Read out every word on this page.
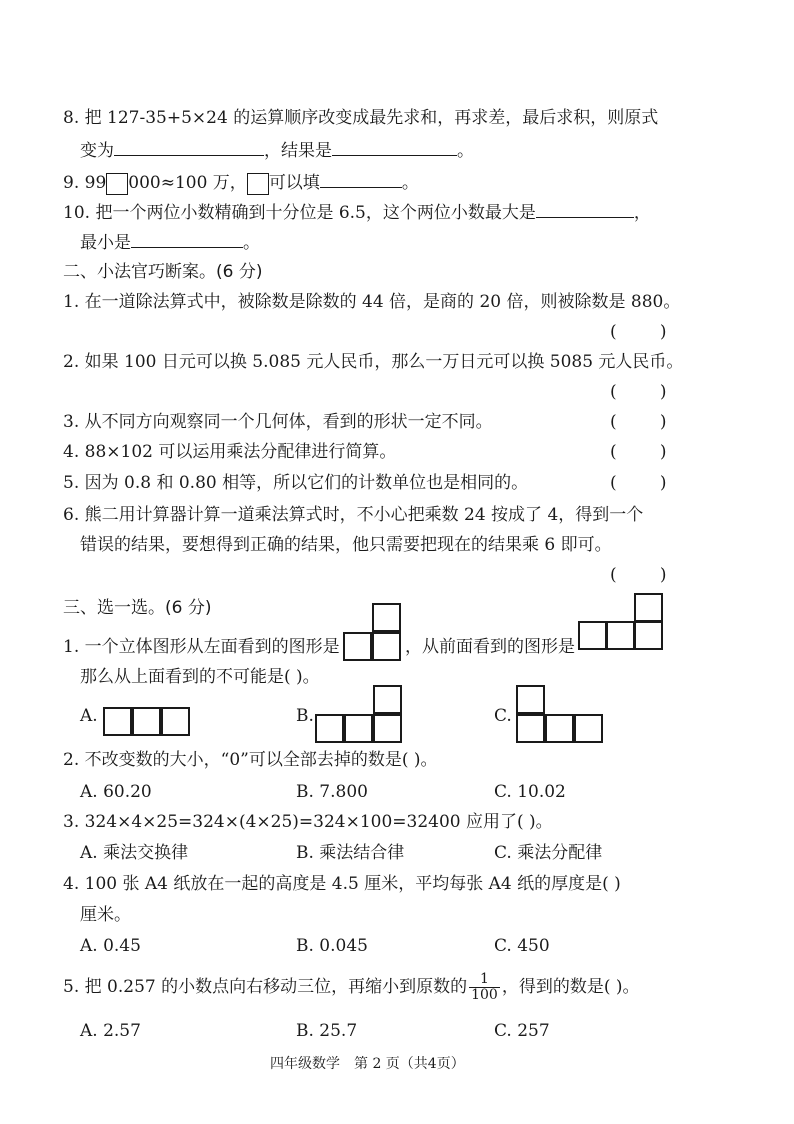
8. 把 127-35+5×24 的运算顺序改变成最先求和，再求差，最后求积，则原式
变为	，结果是	。
9. 99 000≈100 万， 可以填	。
10. 把一个两位小数精确到十分位是 6.5，这个两位小数最大是	，
最小是	。
二、小法官巧断案。(6 分)
1. 在一道除法算式中，被除数是除数的 44 倍，是商的 20 倍，则被除数是 880。
(        )
2. 如果 100 日元可以换 5.085 元人民币，那么一万日元可以换 5085 元人民币。
(        )
3. 从不同方向观察同一个几何体，看到的形状一定不同。	(        )
4. 88×102 可以运用乘法分配律进行简算。	(        )
5. 因为 0.8 和 0.80 相等，所以它们的计数单位也是相同的。	(        )
6. 熊二用计算器计算一道乘法算式时，不小心把乘数 24 按成了 4，得到一个
错误的结果，要想得到正确的结果，他只需要把现在的结果乘 6 即可。
(        )
三、选一选。(6 分)
1. 一个立体图形从左面看到的图形是	，从前面看到的图形是
那么从上面看到的不可能是( )。
A.	B.	C.
2. 不改变数的大小，“0”可以全部去掉的数是( )。
A. 60.20	B. 7.800	C. 10.02
3. 324×4×25=324×(4×25)=324×100=32400 应用了( )。
A. 乘法交换律	B. 乘法结合律	C. 乘法分配律
4. 100 张 A4 纸放在一起的高度是 4.5 厘米，平均每张 A4 纸的厚度是( )
厘米。
A. 0.45	B. 0.045	C. 450
5. 把 0.257 的小数点向右移动三位，再缩小到原数的 $\frac{1}{100}$ ，得到的数是( )。
A. 2.57	B. 25.7	C. 257
四年级数学　第 2 页（共4页）
